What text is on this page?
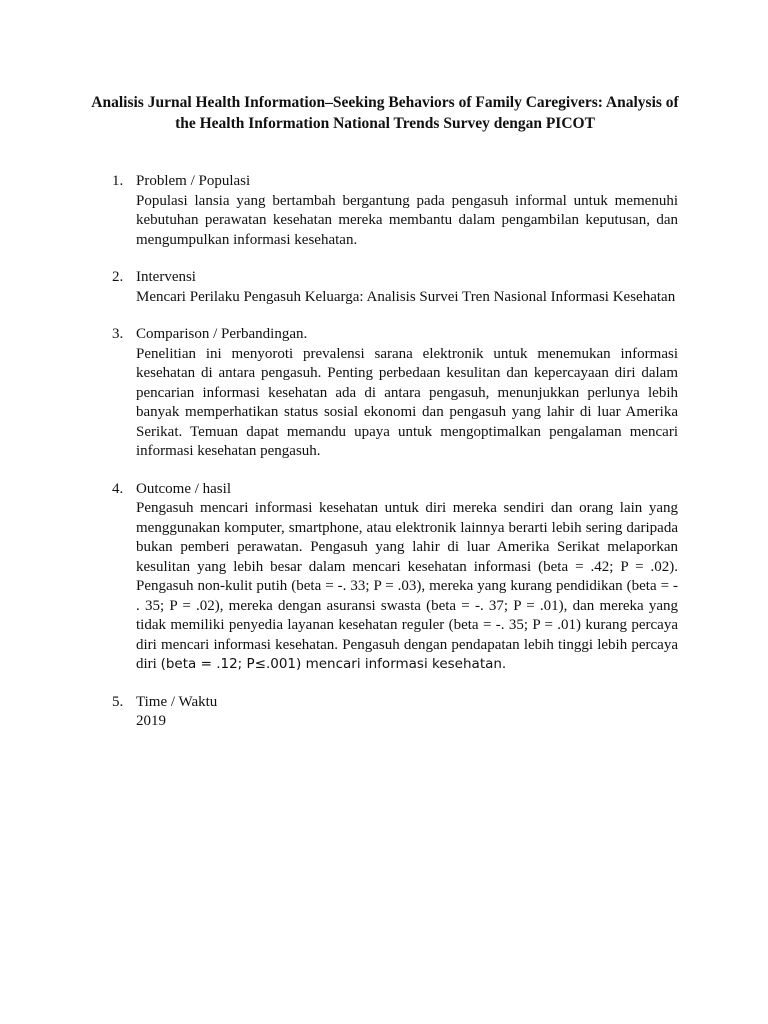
Analisis Jurnal Health Information–Seeking Behaviors of Family Caregivers: Analysis of the Health Information National Trends Survey dengan PICOT
1. Problem / Populasi
Populasi lansia yang bertambah bergantung pada pengasuh informal untuk memenuhi kebutuhan perawatan kesehatan mereka membantu dalam pengambilan keputusan, dan mengumpulkan informasi kesehatan.
2. Intervensi
Mencari Perilaku Pengasuh Keluarga: Analisis Survei Tren Nasional Informasi Kesehatan
3. Comparison / Perbandingan.
Penelitian ini menyoroti prevalensi sarana elektronik untuk menemukan informasi kesehatan di antara pengasuh. Penting perbedaan kesulitan dan kepercayaan diri dalam pencarian informasi kesehatan ada di antara pengasuh, menunjukkan perlunya lebih banyak memperhatikan status sosial ekonomi dan pengasuh yang lahir di luar Amerika Serikat. Temuan dapat memandu upaya untuk mengoptimalkan pengalaman mencari informasi kesehatan pengasuh.
4. Outcome / hasil
Pengasuh mencari informasi kesehatan untuk diri mereka sendiri dan orang lain yang menggunakan komputer, smartphone, atau elektronik lainnya berarti lebih sering daripada bukan pemberi perawatan. Pengasuh yang lahir di luar Amerika Serikat melaporkan kesulitan yang lebih besar dalam mencari kesehatan informasi (beta = .42; P = .02). Pengasuh non-kulit putih (beta = -. 33; P = .03), mereka yang kurang pendidikan (beta = - . 35; P = .02), mereka dengan asuransi swasta (beta = -. 37; P = .01), dan mereka yang tidak memiliki penyedia layanan kesehatan reguler (beta = -. 35; P = .01) kurang percaya diri mencari informasi kesehatan. Pengasuh dengan pendapatan lebih tinggi lebih percaya diri (beta = .12; P≤.001) mencari informasi kesehatan.
5. Time / Waktu
2019
